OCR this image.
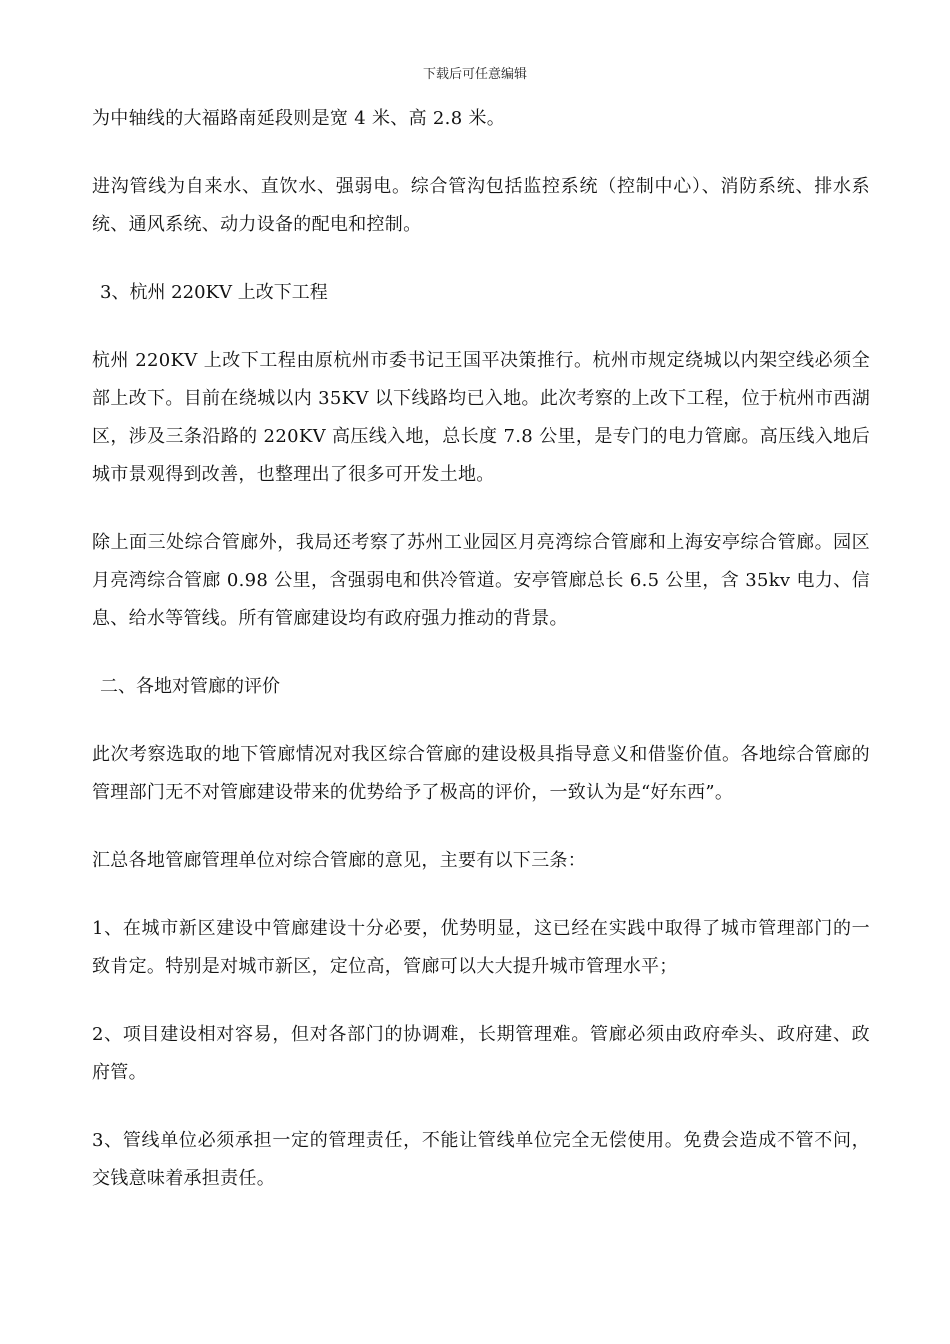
下载后可任意编辑

为中轴线的大福路南延段则是宽 4 米、高 2.8 米。

进沟管线为自来水、直饮水、强弱电。综合管沟包括监控系统（控制中心）、消防系统、排水系统、通风系统、动力设备的配电和控制。

3、杭州 220KV 上改下工程

杭州 220KV 上改下工程由原杭州市委书记王国平决策推行。杭州市规定绕城以内架空线必须全部上改下。目前在绕城以内 35KV 以下线路均已入地。此次考察的上改下工程，位于杭州市西湖区，涉及三条沿路的 220KV 高压线入地，总长度 7.8 公里，是专门的电力管廊。高压线入地后城市景观得到改善，也整理出了很多可开发土地。

除上面三处综合管廊外，我局还考察了苏州工业园区月亮湾综合管廊和上海安亭综合管廊。园区月亮湾综合管廊 0.98 公里，含强弱电和供冷管道。安亭管廊总长 6.5 公里，含 35kv 电力、信息、给水等管线。所有管廊建设均有政府强力推动的背景。

二、各地对管廊的评价

此次考察选取的地下管廊情况对我区综合管廊的建设极具指导意义和借鉴价值。各地综合管廊的管理部门无不对管廊建设带来的优势给予了极高的评价，一致认为是“好东西”。

汇总各地管廊管理单位对综合管廊的意见，主要有以下三条：

1、在城市新区建设中管廊建设十分必要，优势明显，这已经在实践中取得了城市管理部门的一致肯定。特别是对城市新区，定位高，管廊可以大大提升城市管理水平；

2、项目建设相对容易，但对各部门的协调难，长期管理难。管廊必须由政府牵头、政府建、政府管。

3、管线单位必须承担一定的管理责任，不能让管线单位完全无偿使用。免费会造成不管不问，交钱意味着承担责任。
